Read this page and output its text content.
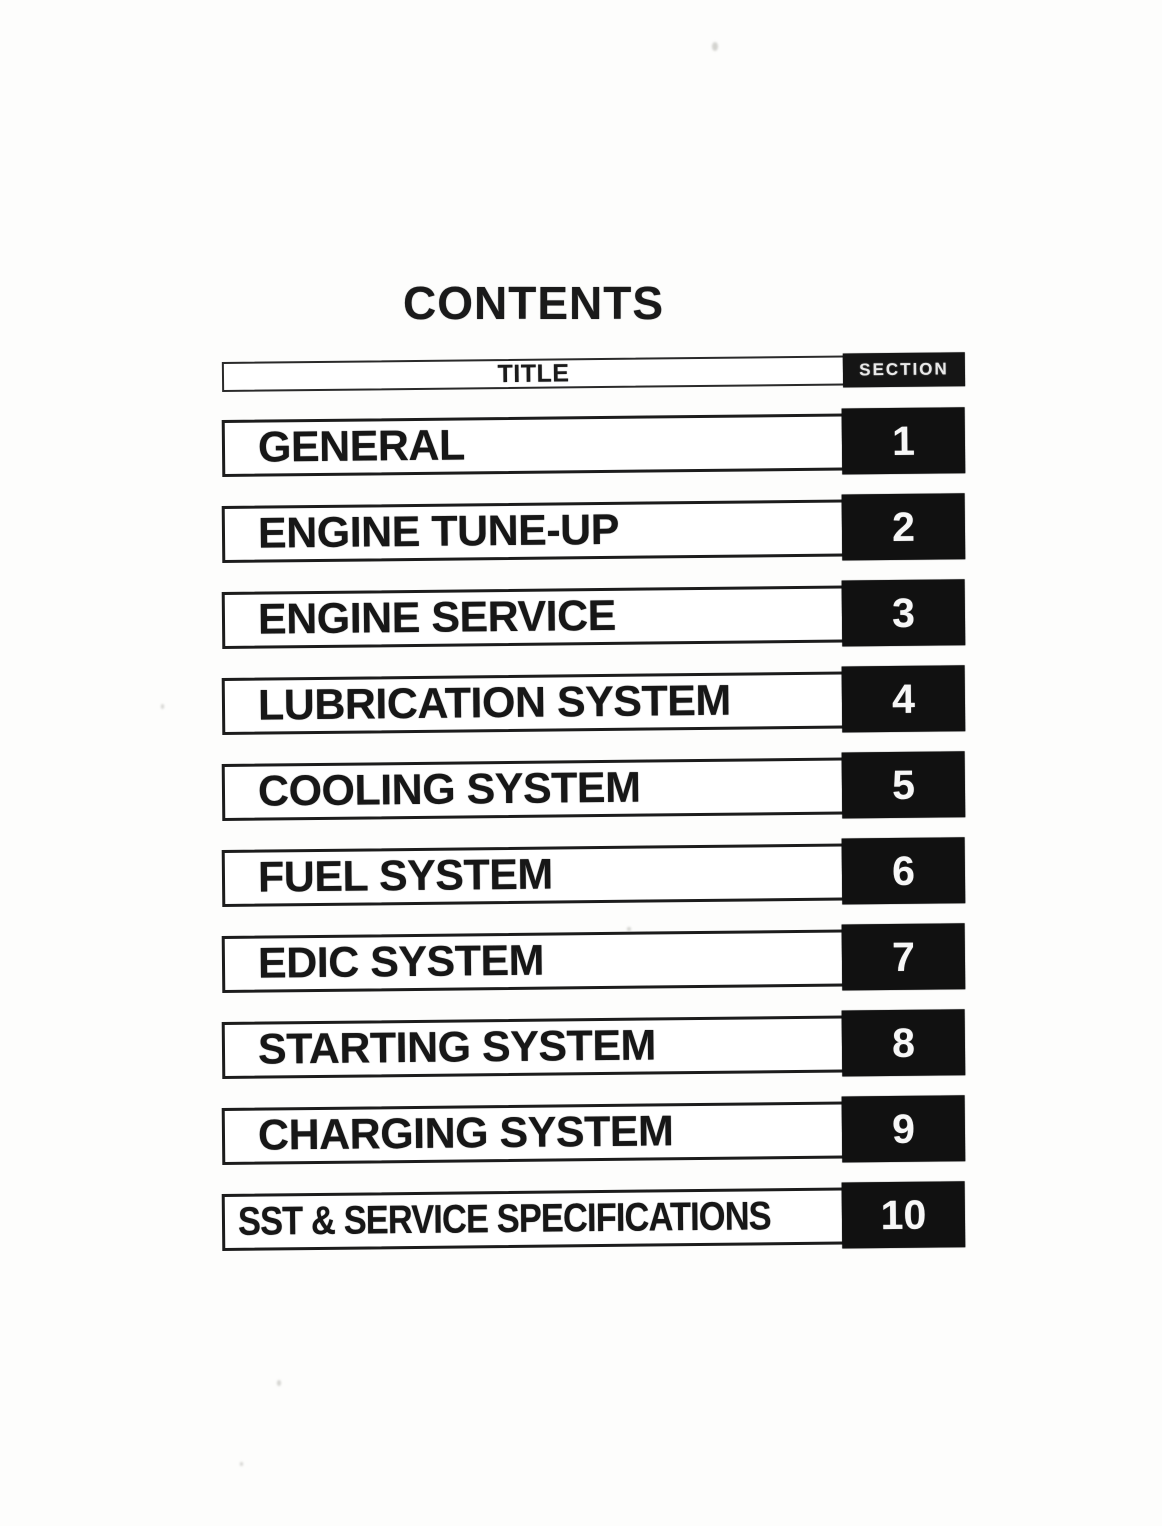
CONTENTS
TITLE	SECTION
GENERAL	1
ENGINE TUNE-UP	2
ENGINE SERVICE	3
LUBRICATION SYSTEM	4
COOLING SYSTEM	5
FUEL SYSTEM	6
EDIC SYSTEM	7
STARTING SYSTEM	8
CHARGING SYSTEM	9
SST & SERVICE SPECIFICATIONS	10
